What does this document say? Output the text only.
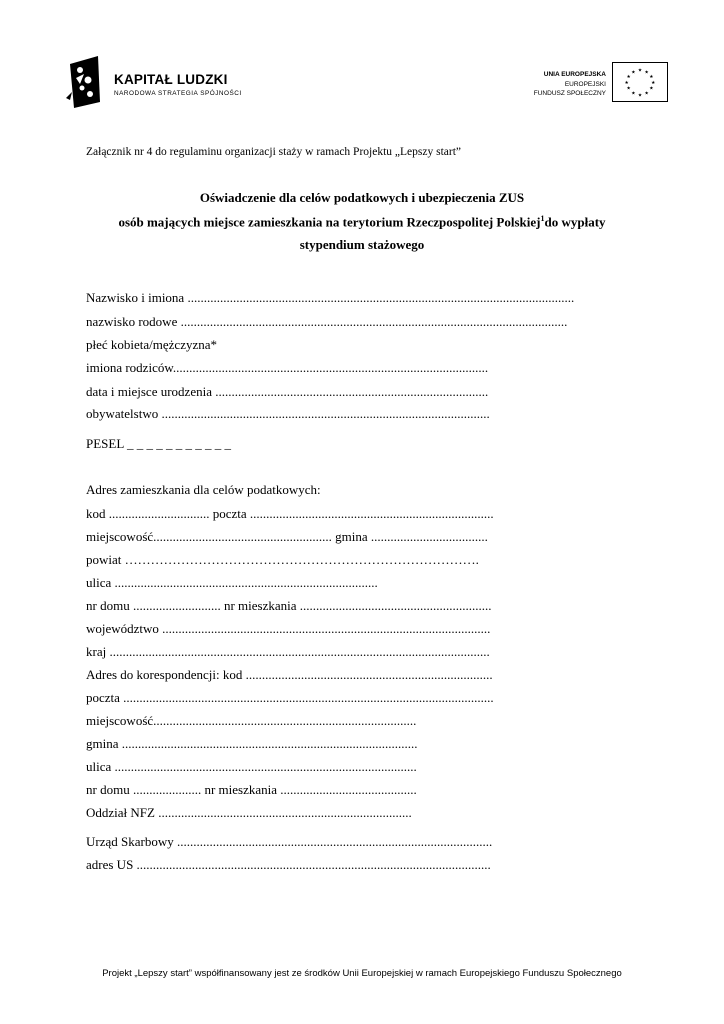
KAPITAŁ LUDZKI
NARODOWA STRATEGIA SPÓJNOŚCI
UNIA EUROPEJSKA
EUROPEJSKI
FUNDUSZ SPOŁECZNY
★ ★
★
★
★
★
★
★
★
★
★
★
Załącznik nr 4 do regulaminu organizacji staży w ramach Projektu „Lepszy start”
Oświadczenie dla celów podatkowych i ubezpieczenia ZUS
osób mających miejsce zamieszkania na terytorium Rzeczpospolitej Polskiej$^1$do wypłaty
stypendium stażowego
Nazwisko i imiona .......................................................................................................................
nazwisko rodowe .......................................................................................................................
płeć kobieta/mężczyzna*
imiona rodziców.................................................................................................
data i miejsce urodzenia ....................................................................................
obywatelstwo .....................................................................................................
PESEL _ _ _ _ _ _ _ _ _ _ _
Adres zamieszkania dla celów podatkowych:
kod ............................... poczta ...........................................................................
miejscowość....................................................... gmina ....................................
powiat ……………………………………………………………………….
ulica .................................................................................
nr domu ........................... nr mieszkania ...........................................................
województwo .....................................................................................................
kraj .....................................................................................................................
Adres do korespondencji: kod ............................................................................
poczta ..................................................................................................................
miejscowość.................................................................................
gmina ...........................................................................................
ulica .............................................................................................
nr domu ..................... nr mieszkania ..........................................
Oddział NFZ ..............................................................................
Urząd Skarbowy .................................................................................................
adres US .............................................................................................................
Projekt „Lepszy start” współfinansowany jest ze środków Unii Europejskiej w ramach Europejskiego Funduszu Społecznego
